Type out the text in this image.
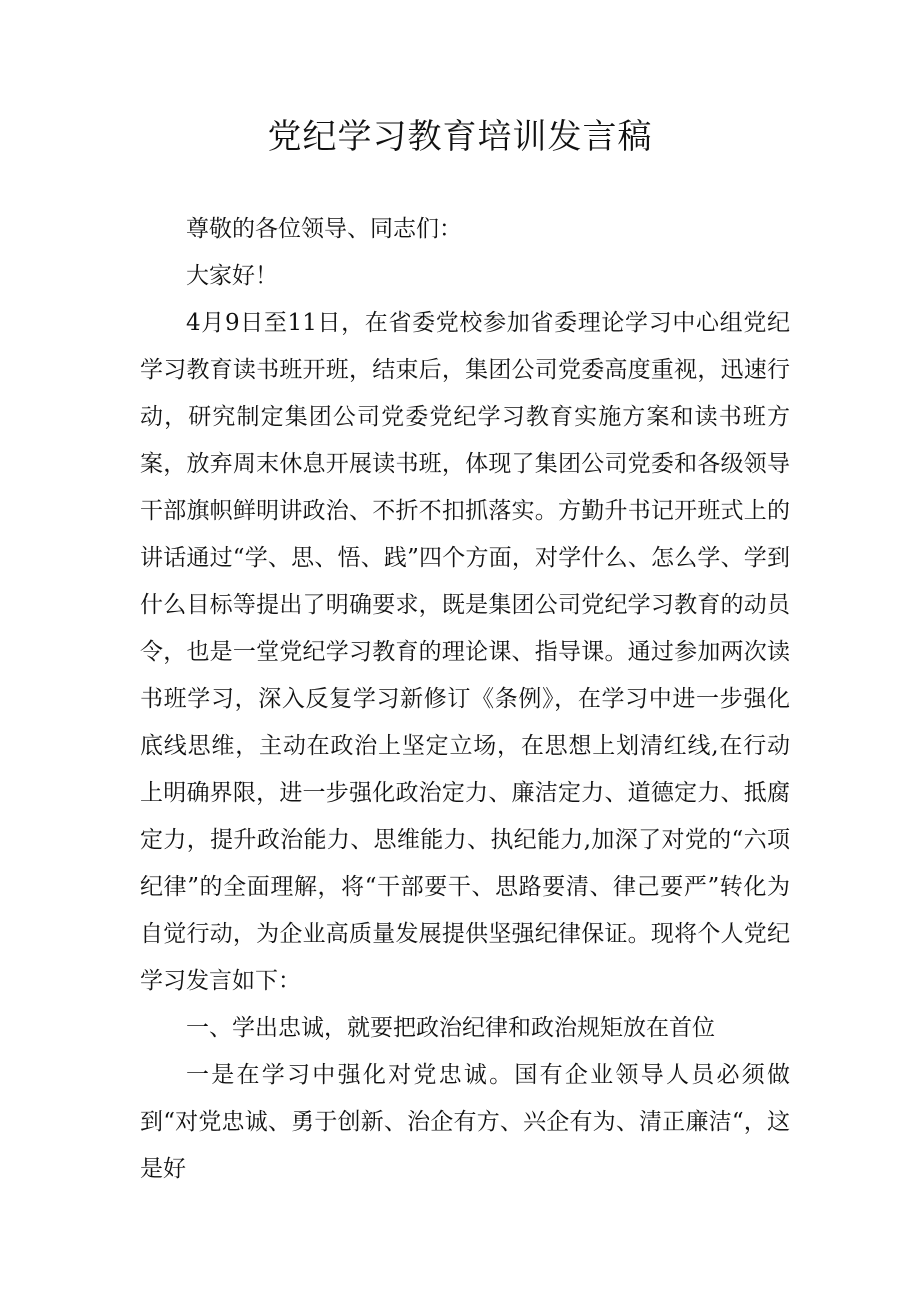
党纪学习教育培训发言稿

尊敬的各位领导、同志们：

大家好！

4月9日至11日，在省委党校参加省委理论学习中心组党纪学习教育读书班开班，结束后，集团公司党委高度重视，迅速行动，研究制定集团公司党委党纪学习教育实施方案和读书班方案，放弃周末休息开展读书班，体现了集团公司党委和各级领导干部旗帜鲜明讲政治、不折不扣抓落实。方勤升书记开班式上的讲话通过“学、思、悟、践”四个方面，对学什么、怎么学、学到什么目标等提出了明确要求，既是集团公司党纪学习教育的动员令，也是一堂党纪学习教育的理论课、指导课。通过参加两次读书班学习，深入反复学习新修订《条例》，在学习中进一步强化底线思维，主动在政治上坚定立场，在思想上划清红线,在行动上明确界限，进一步强化政治定力、廉洁定力、道德定力、抵腐定力，提升政治能力、思维能力、执纪能力,加深了对党的“六项纪律”的全面理解，将“干部要干、思路要清、律己要严”转化为自觉行动，为企业高质量发展提供坚强纪律保证。现将个人党纪学习发言如下：

一、学出忠诚，就要把政治纪律和政治规矩放在首位

一是在学习中强化对党忠诚。国有企业领导人员必须做到“对党忠诚、勇于创新、治企有方、兴企有为、清正廉洁“，这是好
